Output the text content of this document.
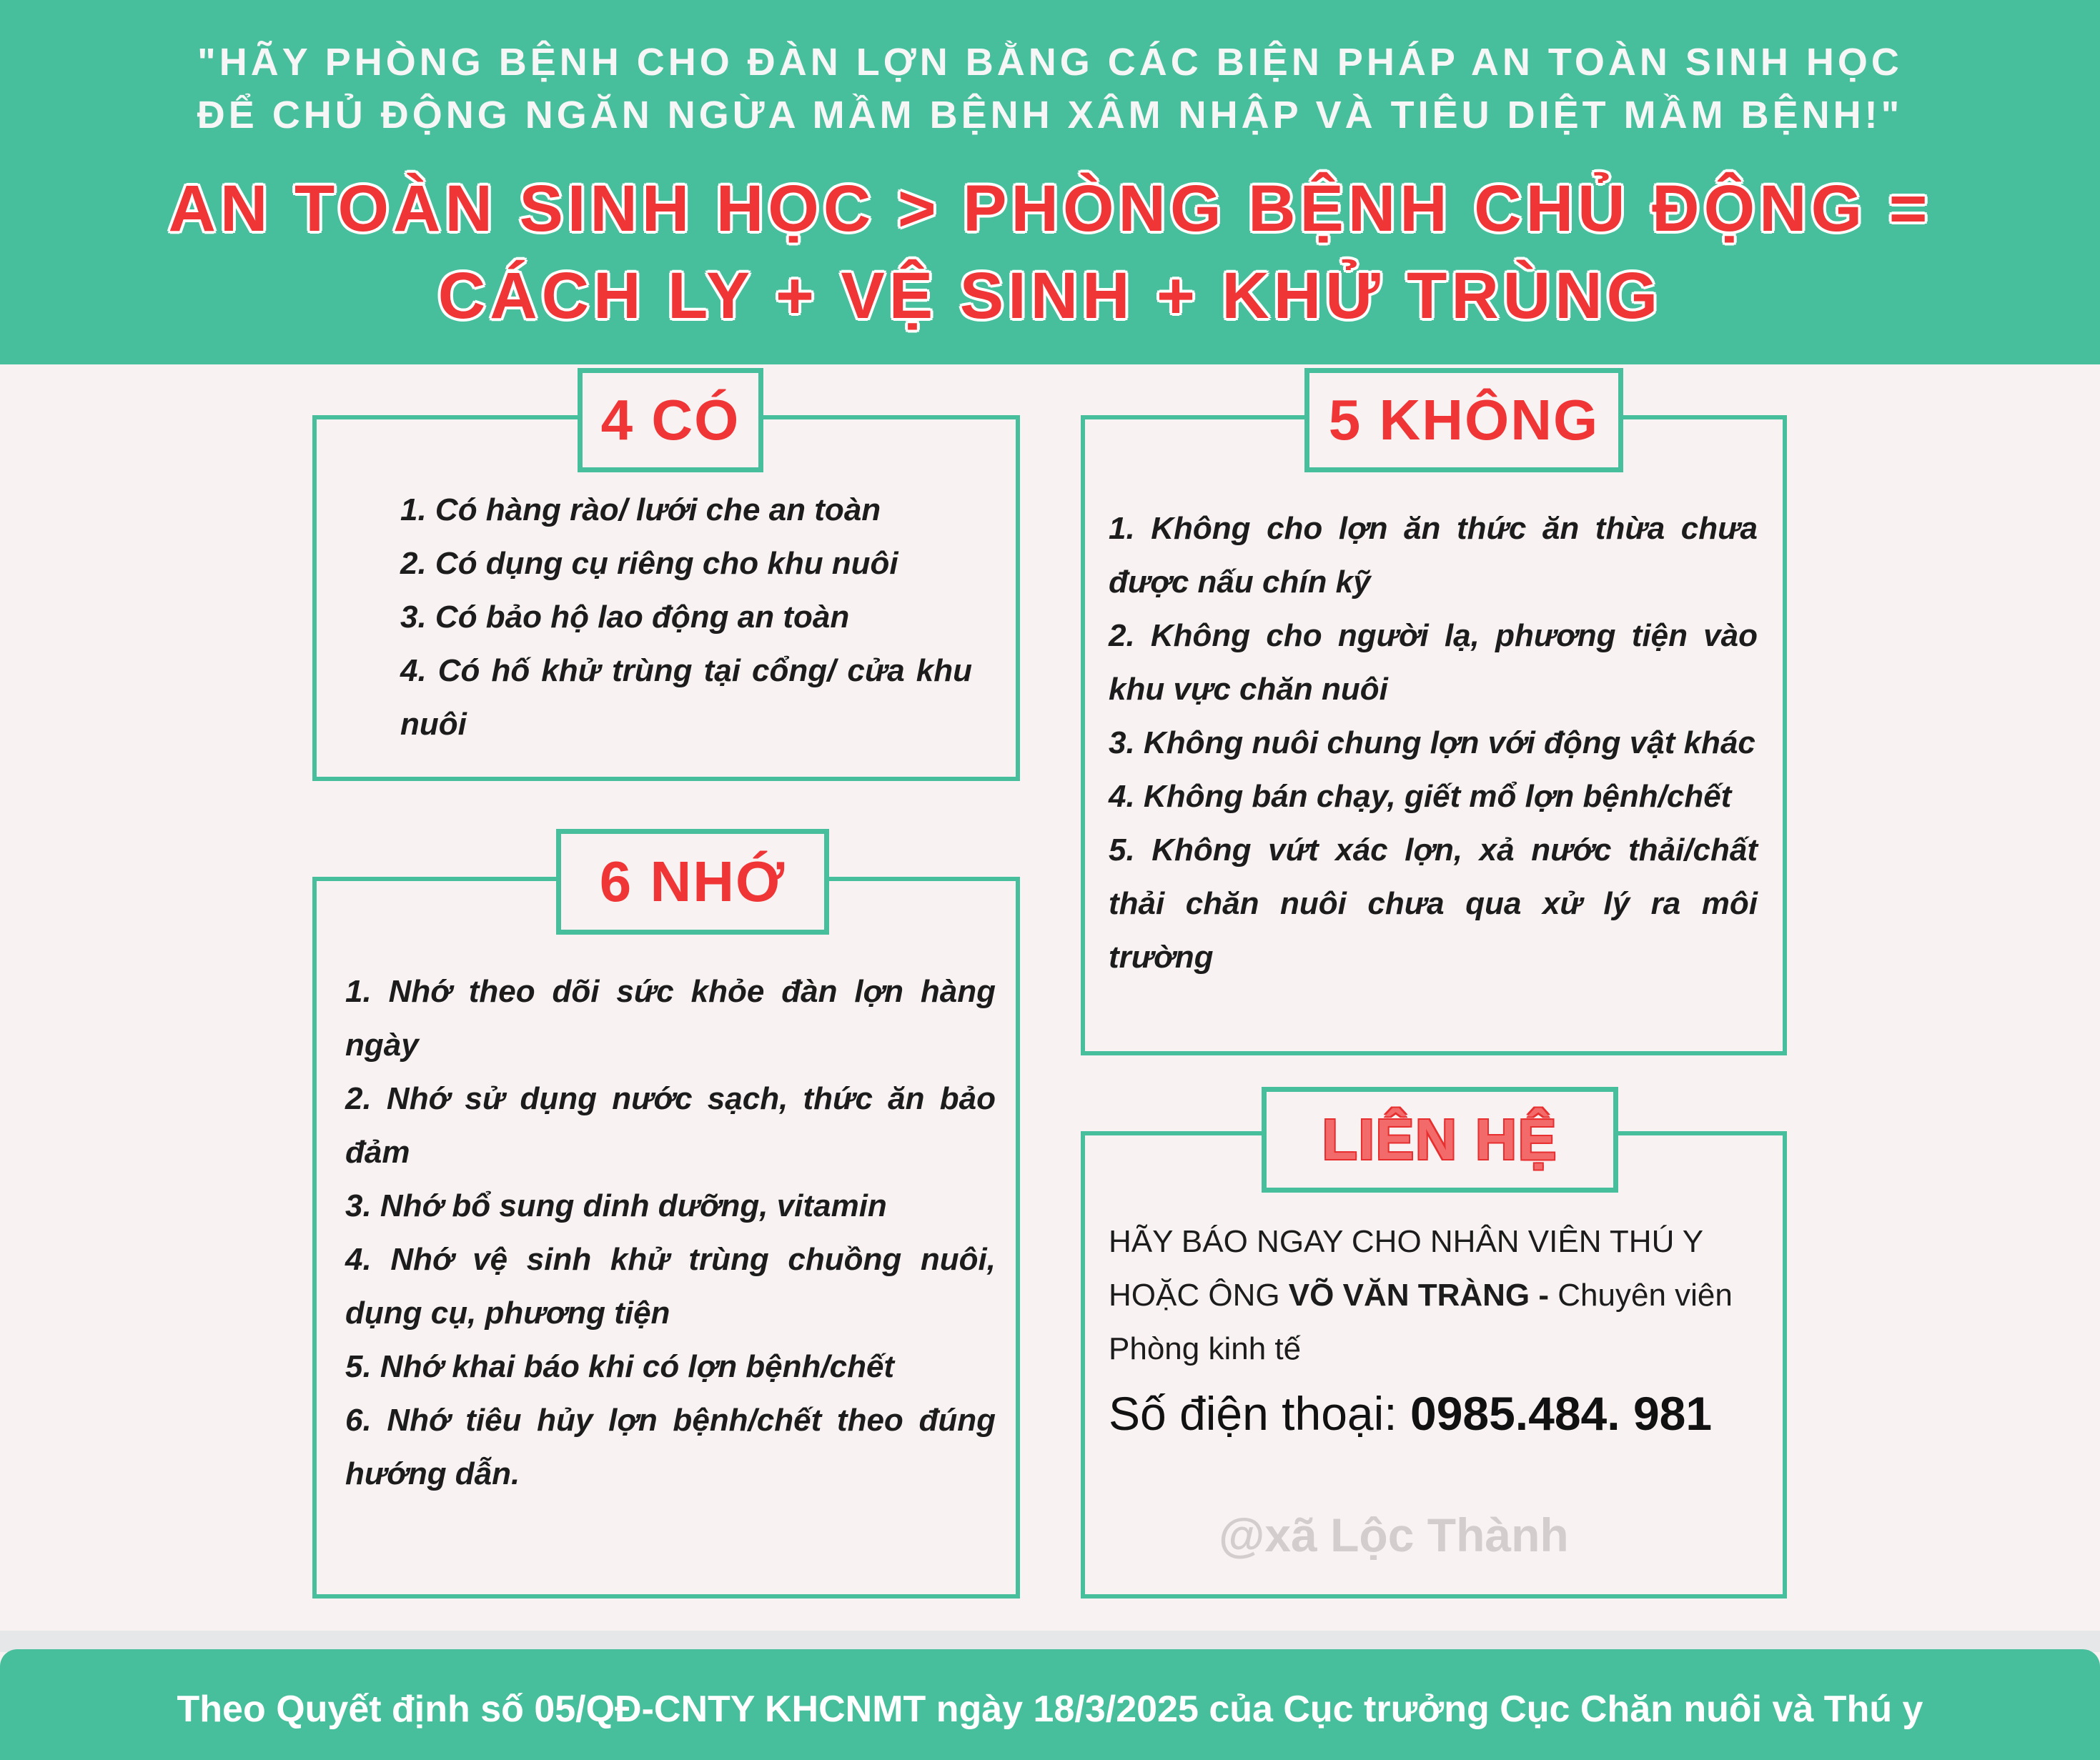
"HÃY PHÒNG BỆNH CHO ĐÀN LỢN BẰNG CÁC BIỆN PHÁP AN TOÀN SINH HỌC
ĐỂ CHỦ ĐỘNG NGĂN NGỪA MẦM BỆNH XÂM NHẬP VÀ TIÊU DIỆT MẦM BỆNH!"
AN TOÀN SINH HỌC > PHÒNG BỆNH CHỦ ĐỘNG =
CÁCH LY + VỆ SINH + KHỬ TRÙNG
4 CÓ
1. Có hàng rào/ lưới che an toàn
2. Có dụng cụ riêng cho khu nuôi
3. Có bảo hộ lao động an toàn
4. Có hố khử trùng tại cổng/ cửa khu nuôi
6 NHỚ
1. Nhớ theo dõi sức khỏe đàn lợn hàng ngày
2. Nhớ sử dụng nước sạch, thức ăn bảo đảm
3. Nhớ bổ sung dinh dưỡng, vitamin
4. Nhớ vệ sinh khử trùng chuồng nuôi, dụng cụ, phương tiện
5. Nhớ khai báo khi có lợn bệnh/chết
6. Nhớ tiêu hủy lợn bệnh/chết theo đúng hướng dẫn.
5 KHÔNG
1. Không cho lợn ăn thức ăn thừa chưa được nấu chín kỹ
2. Không cho người lạ, phương tiện vào khu vực chăn nuôi
3. Không nuôi chung lợn với động vật khác
4. Không bán chạy, giết mổ lợn bệnh/chết
5. Không vứt xác lợn, xả nước thải/chất thải chăn nuôi chưa qua xử lý ra môi trường
LIÊN HỆ
HÃY BÁO NGAY CHO NHÂN VIÊN THÚ Y
HOẶC ÔNG VÕ VĂN TRÀNG - Chuyên viên Phòng kinh tế
Số điện thoại: 0985.484. 981
@xã Lộc Thành
Theo Quyết định số 05/QĐ-CNTY KHCNMT ngày 18/3/2025 của Cục trưởng Cục Chăn nuôi và Thú y
